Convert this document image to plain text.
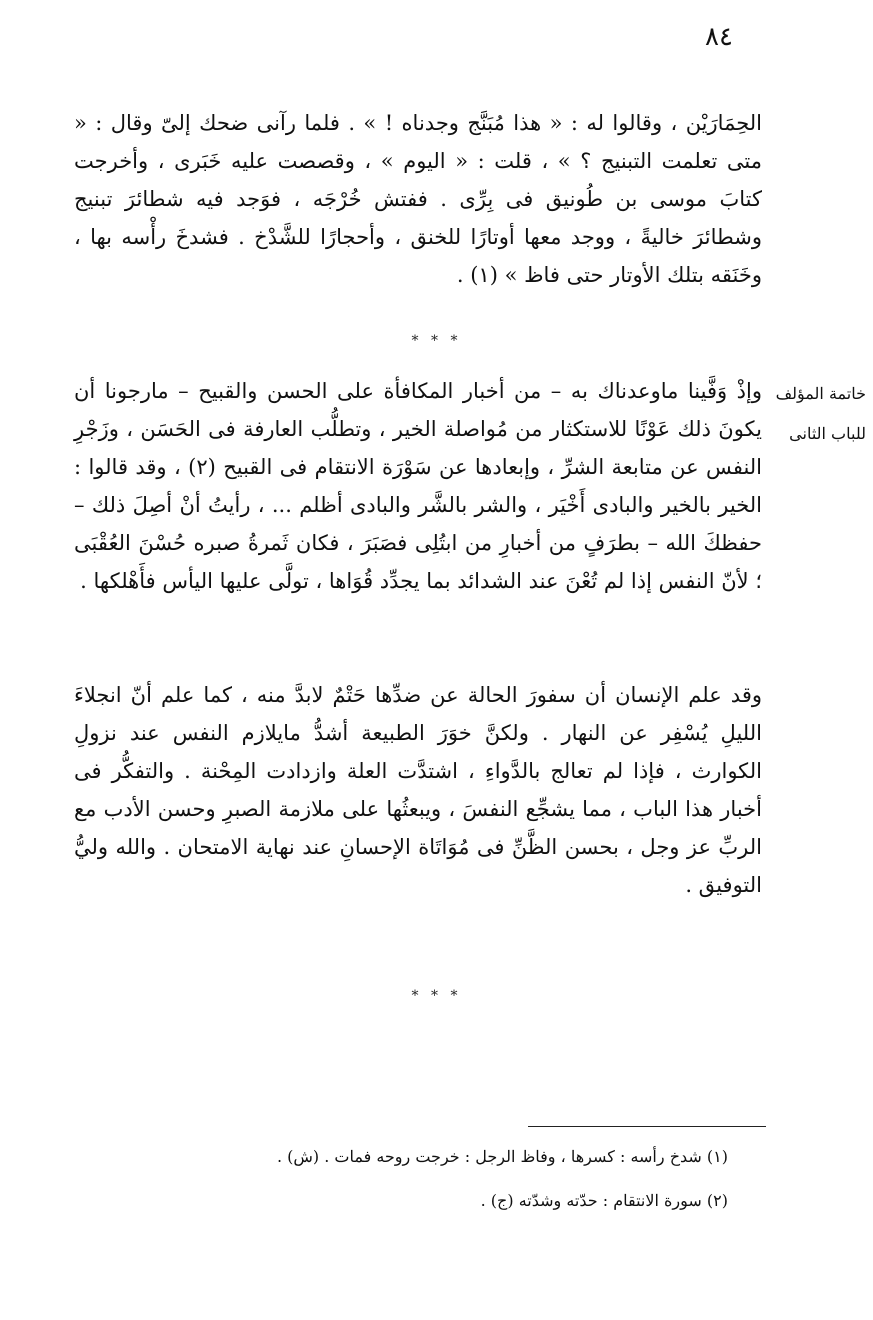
٨٤
الحِمَارَيْن ، وقالوا له : « هذا مُبَنَّج وجدناه ! » . فلما رآنى ضحك إلىّ وقال : « متى تعلمت التبنيج ؟ » ، قلت : « اليوم » ، وقصصت عليه خَبَرى ، وأخرجت كتابَ موسى بن طُونيق فى بِرِّى . ففتش خُرْجَه ، فوَجد فيه شطائرَ تبنيج وشطائرَ خاليةً ، ووجد معها أوتارًا للخنق ، وأحجارًا للشَّدْخ . فشدخَ رأْسه بها ، وخَنَقه بتلك الأوتار حتى فاظ » (١) .
* * *
خاتمة المؤلف للباب الثانى
وإذْ وَفَّينا ماوعدناك به – من أخبار المكافأة على الحسن والقبيح – مارجونا أن يكونَ ذلك عَوْنًا للاستكثار من مُواصلة الخير ، وتطلُّب العارفة فى الحَسَن ، وزَجْرِ النفس عن متابعة الشرِّ ، وإبعادها عن سَوْرَة الانتقام فى القبيح (٢) ، وقد قالوا : الخير بالخير والبادى أَخْيَر ، والشر بالشَّر والبادى أظلم ... ، رأيتُ أنْ أصِلَ ذلك – حفظكَ الله – بطرَفٍ من أخبارِ من ابتُلِى فصَبَرَ ، فكان ثَمرةُ صبره حُسْنَ العُقْبَى ؛ لأنّ النفس إذا لم تُعْنَ عند الشدائد بما يجدِّد قُوَاها ، تولَّى عليها اليأس فأَهْلكها .
وقد علم الإنسان أن سفورَ الحالة عن ضدِّها حَتْمٌ لابدَّ منه ، كما علم أنّ انجلاءَ الليلِ يُسْفِر عن النهار . ولكنَّ خوَرَ الطبيعة أشدُّ مايلازم النفس عند نزولِ الكوارث ، فإذا لم تعالج بالدَّواءِ ، اشتدَّت العلة وازدادت المِحْنة . والتفكُّر فى أخبار هذا الباب ، مما يشجِّع النفسَ ، ويبعثُها على ملازمة الصبرِ وحسن الأدب مع الربِّ عز وجل ، بحسن الظَّنِّ فى مُوَاتَاة الإحسانِ عند نهاية الامتحان . والله وليُّ التوفيق .
* * *
(١) شدخ رأسه : كسرها ، وفاظ الرجل : خرجت روحه فمات . (ش) .
(٢) سورة الانتقام : حدّته وشدّته (ج) .
